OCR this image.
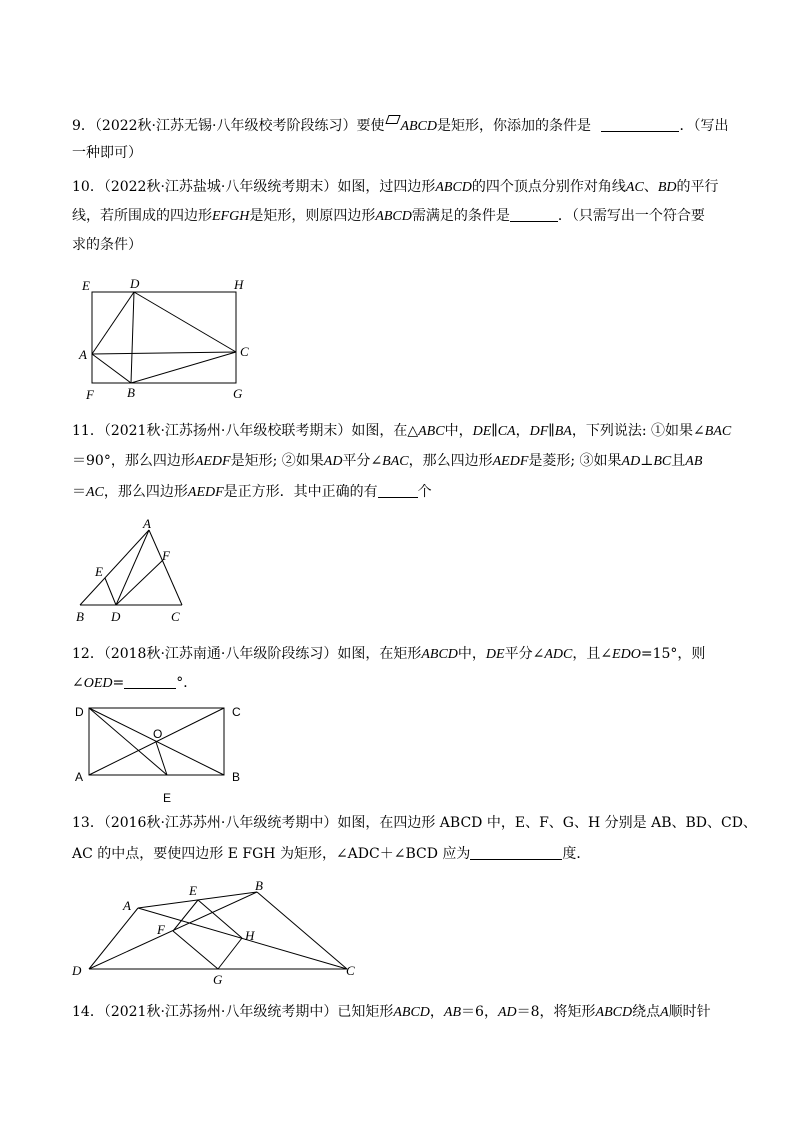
9．（2022秋·江苏无锡·八年级校考阶段练习）要使 ABCD是矩形，你添加的条件是	．（写出
一种即可）
10．（2022秋·江苏盐城·八年级统考期末）如图，过四边形ABCD的四个顶点分别作对角线AC、BD的平行
线，若所围成的四边形EFGH是矩形，则原四边形ABCD需满足的条件是	．（只需写出一个符合要
求的条件）
E	D	H
A	C
F	B	G
11．（2021秋·江苏扬州·八年级校联考期末）如图，在△ABC中，DE∥CA，DF∥BA，下列说法: ①如果∠BAC
＝90°，那么四边形AEDF是矩形; ②如果AD平分∠BAC，那么四边形AEDF是菱形; ③如果AD⊥BC且AB
＝AC，那么四边形AEDF是正方形．其中正确的有	个
A
E
F
B D	C
12．（2018秋·江苏南通·八年级阶段练习）如图，在矩形ABCD中，DE平分∠ADC，且∠EDO=15°，则
∠OED=	°．
D	C
O
A	B
E
13．（2016秋·江苏苏州·八年级统考期中）如图，在四边形 ABCD 中，E、F、G、H 分别是 AB、BD、CD、
AC 的中点，要使四边形 E FGH 为矩形，∠ADC＋∠BCD 应为	度．
A
E	B
F	H
D
G
C
14．（2021秋·江苏扬州·八年级统考期中）已知矩形ABCD，AB＝6，AD＝8，将矩形ABCD绕点A顺时针
